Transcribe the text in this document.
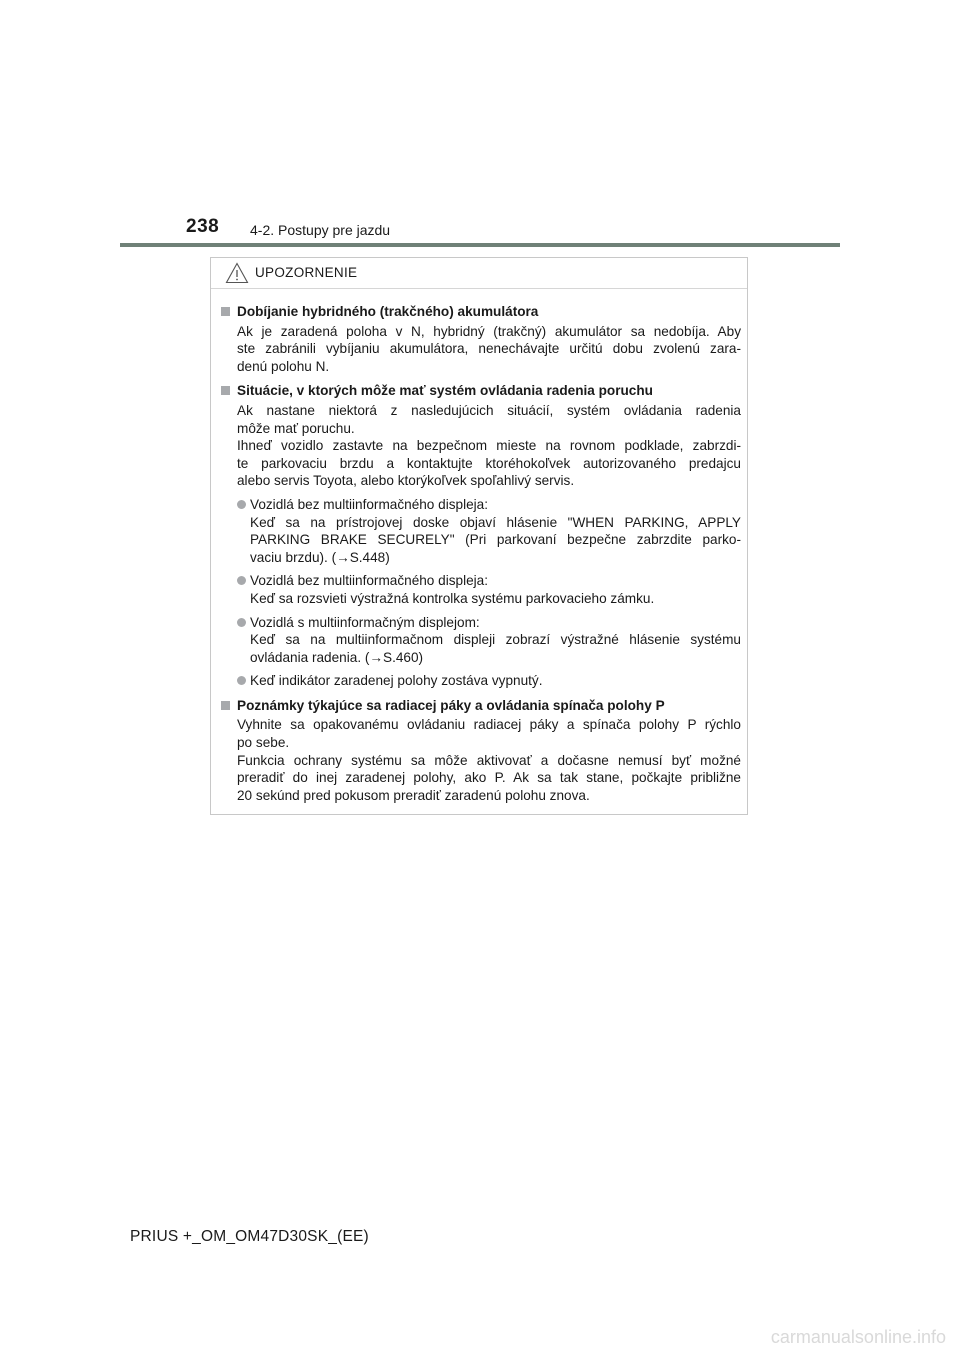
238 4-2. Postupy pre jazdu
UPOZORNENIE
Dobíjanie hybridného (trakčného) akumulátora
Ak je zaradená poloha v N, hybridný (trakčný) akumulátor sa nedobíja. Aby
ste zabránili vybíjaniu akumulátora, nenechávajte určitú dobu zvolenú zara-
denú polohu N.
Situácie, v ktorých môže mať systém ovládania radenia poruchu
Ak nastane niektorá z nasledujúcich situácií, systém ovládania radenia
môže mať poruchu.
Ihneď vozidlo zastavte na bezpečnom mieste na rovnom podklade, zabrzdi-
te parkovaciu brzdu a kontaktujte ktoréhokoľvek autorizovaného predajcu
alebo servis Toyota, alebo ktorýkoľvek spoľahlivý servis.
Vozidlá bez multiinformačného displeja:
Keď sa na prístrojovej doske objaví hlásenie "WHEN PARKING, APPLY
PARKING BRAKE SECURELY" (Pri parkovaní bezpečne zabrzdite parko-
vaciu brzdu). (→S.448)
Vozidlá bez multiinformačného displeja:
Keď sa rozsvieti výstražná kontrolka systému parkovacieho zámku.
Vozidlá s multiinformačným displejom:
Keď sa na multiinformačnom displeji zobrazí výstražné hlásenie systému
ovládania radenia. (→S.460)
Keď indikátor zaradenej polohy zostáva vypnutý.
Poznámky týkajúce sa radiacej páky a ovládania spínača polohy P
Vyhnite sa opakovanému ovládaniu radiacej páky a spínača polohy P rýchlo
po sebe.
Funkcia ochrany systému sa môže aktivovať a dočasne nemusí byť možné
preradiť do inej zaradenej polohy, ako P. Ak sa tak stane, počkajte približne
20 sekúnd pred pokusom preradiť zaradenú polohu znova.
PRIUS +_OM_OM47D30SK_(EE)
carmanualsonline.info
